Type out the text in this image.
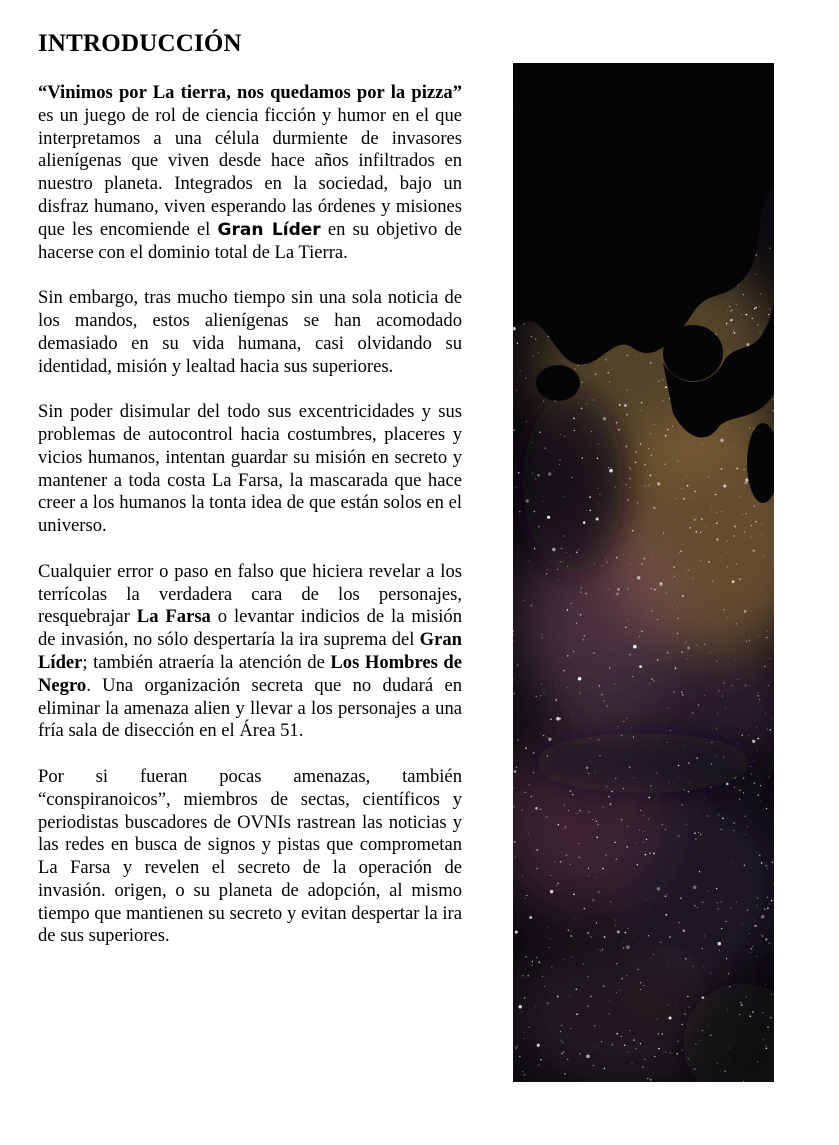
INTRODUCCIÓN

“Vinimos por La tierra, nos quedamos por la pizza” es un juego de rol de ciencia ficción y humor en el que interpretamos a una célula durmiente de invasores alienígenas que viven desde hace años infiltrados en nuestro planeta. Integrados en la sociedad, bajo un disfraz humano, viven esperando las órdenes y misiones que les encomiende el Gran Líder en su objetivo de hacerse con el dominio total de La Tierra.

Sin embargo, tras mucho tiempo sin una sola noticia de los mandos, estos alienígenas se han acomodado demasiado en su vida humana, casi olvidando su identidad, misión y lealtad hacia sus superiores.

Sin poder disimular del todo sus excentricidades y sus problemas de autocontrol hacia costumbres, placeres y vicios humanos, intentan guardar su misión en secreto y mantener a toda costa La Farsa, la mascarada que hace creer a los humanos la tonta idea de que están solos en el universo.

Cualquier error o paso en falso que hiciera revelar a los terrícolas la verdadera cara de los personajes, resquebrajar La Farsa o levantar indicios de la misión de invasión, no sólo despertaría la ira suprema del Gran Líder; también atraería la atención de Los Hombres de Negro. Una organización secreta que no dudará en eliminar la amenaza alien y llevar a los personajes a una fría sala de disección en el Área 51.

Por si fueran pocas amenazas, también “conspiranoicos”, miembros de sectas, científicos y periodistas buscadores de OVNIs rastrean las noticias y las redes en busca de signos y pistas que comprometan La Farsa y revelen el secreto de la operación de invasión. origen, o su planeta de adopción, al mismo tiempo que mantienen su secreto y evitan despertar la ira de sus superiores.
